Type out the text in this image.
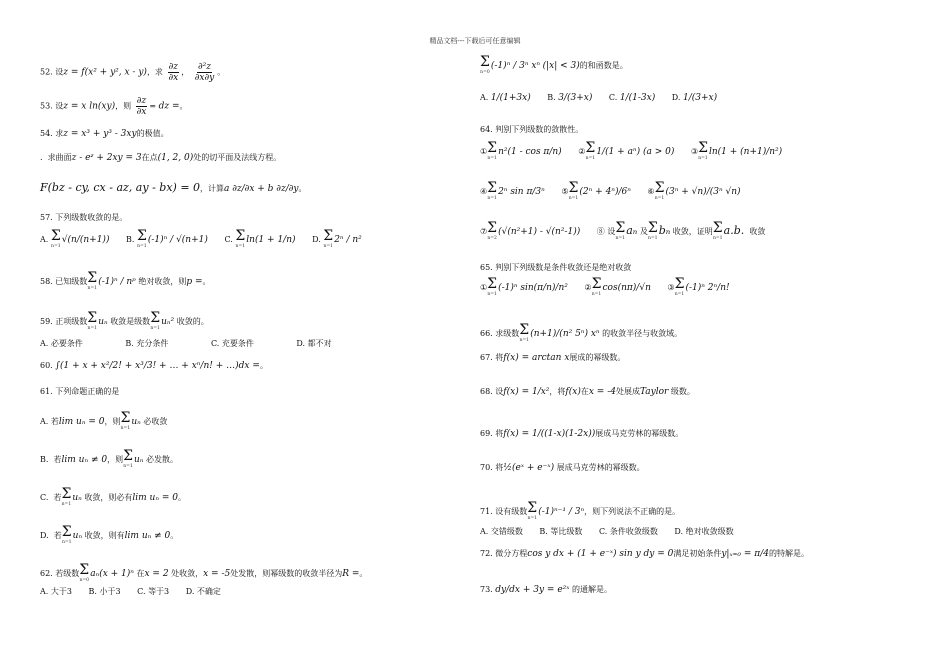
精品文档---下载后可任意编辑
52. 设z = f(x² + y², x - y)，求 $\frac{\partial z}{\partial x}$ ， $\frac{\text{∂²z}}{\partial x\partial y}$ 。
53. 设z = x ln(xy)，则 $\frac{\partial z}{\partial x}$ = dz =。
54. 求z = x³ + y³ - 3xy的极值。
. 求曲面z - eᶻ + 2xy = 3在点(1, 2, 0)处的切平面及法线方程。
F(bz - cy, cx - az, ay - bx) = 0，计算a ∂z/∂x + b ∂z/∂y。
57. 下列级数收敛的是。
A. Σ
n=1
√(n/(n+1)) B. Σ
n=1
(-1)ⁿ / √(n+1) C. Σ
n=1
ln(1 + 1/n) D. Σ
n=1
2ⁿ / n²
58. 已知级数 Σ
n=1
(-1)ⁿ / nᵖ 绝对收敛，则p =。
59. 正项级数 Σ
n=1
uₙ 收敛是级数 Σ
n=1
uₙ² 收敛的。
A. 必要条件	B. 充分条件	C. 充要条件	D. 都不对
60. ∫(1 + x + x²/2! + x³/3! + … + xⁿ/n! + …)dx =。
61. 下列命题正确的是
A. 若lim uₙ = 0，则 Σ
n=1
uₙ 必收敛
B. 若lim uₙ ≠ 0，则 Σ
n=1
uₙ 必发散。
C. 若 Σ
n=1
uₙ 收敛，则必有lim uₙ = 0。
D. 若 Σ
n=1
uₙ 收敛，则有lim uₙ ≠ 0。
62. 若级数 Σ
n=0
aₙ(x + 1)ⁿ 在x = 2 处收敛，x = -5处发散，则幂级数的收敛半径为R =。
A. 大于3 B. 小于3 C. 等于3 D. 不确定
Σ
n=0
(-1)ⁿ / 3ⁿ xⁿ (|x| < 3)的和函数是。
A. 1/(1+3x) B. 3/(3+x) C. 1/(1-3x) D. 1/(3+x)
64. 判别下列级数的敛散性。
① Σ
n=1
n²(1 - cos π/n) ② Σ
n=1
1/(1 + aⁿ) (a > 0) ③ Σ
n=1
ln(1 + (n+1)/n²)
④ Σ
n=1
2ⁿ sin π/3ⁿ ⑤ Σ
n=1
(2ⁿ + 4ⁿ)/6ⁿ ⑥ Σ
n=1
(3ⁿ + √n)/(3ⁿ √n)
⑦ Σ
n=2
(√(n²+1) - √(n²-1)) ⑧ 设 Σ
n=1
aₙ 及 Σ
n=1
bₙ 收敛，证明 Σ
n=1
a.b. 收敛
65. 判别下列级数是条件收敛还是绝对收敛
① Σ
n=1
(-1)ⁿ sin(π/n)/n² ② Σ
n=1
cos(nπ)/√n ③ Σ
n=1
(-1)ⁿ 2ⁿ/n!
66. 求级数 Σ
n=1
(n+1)/(n² 5ⁿ) xⁿ 的收敛半径与收敛域。
67. 将f(x) = arctan x展成的幂级数。
68. 设f(x) = 1/x²，将f(x)在x = -4处展成Taylor 级数。
69. 将f(x) = 1/((1-x)(1-2x))展成马克劳林的幂级数。
70. 将½(eˣ + e⁻ˣ) 展成马克劳林的幂级数。
71. 设有级数 Σ
n=1
(-1)ⁿ⁻¹ / 3ⁿ，则下列说法不正确的是。
A. 交错级数 B. 等比级数 C. 条件收敛级数 D. 绝对收敛级数
72. 微分方程cos y dx + (1 + e⁻ˣ) sin y dy = 0满足初始条件y|ₓ₌₀ = π/4的特解是。
73. dy/dx + 3y = e²ˣ 的通解是。
